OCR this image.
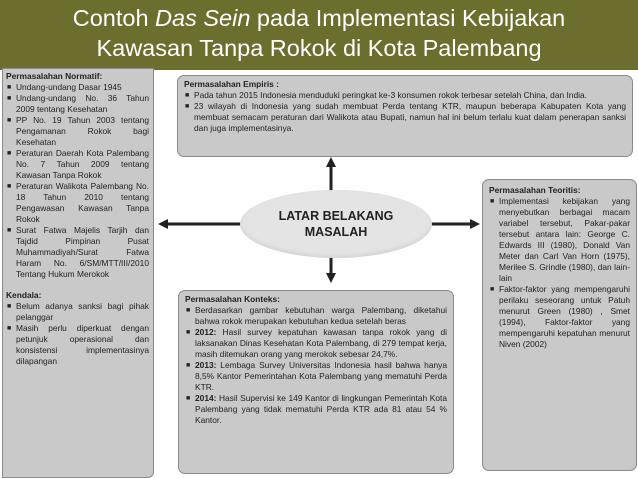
Contoh Das Sein pada Implementasi Kebijakan
Kawasan Tanpa Rokok di Kota Palembang
LATAR BELAKANG
MASALAH
Permasalahan Normatif:
■ Undang-undang Dasar 1945
■ Undang-undang No. 36 Tahun 2009 tentang Kesehatan
■ PP No. 19 Tahun 2003 tentang Pengamanan Rokok bagi Kesehatan
■ Peraturan Daerah Kota Palembang No. 7 Tahun 2009 tentang Kawasan Tanpa Rokok
■ Peraturan Walikota Palembang No. 18 Tahun 2010 tentang Pengawasan Kawasan Tanpa Rokok
■ Surat Fatwa Majelis Tarjih dan Tajdid Pimpinan Pusat Muhammadiyah/Surat Fatwa Haram No. 6/SM/MTT/III/2010 Tentang Hukum Merokok
Kendala:
■ Belum adanya sanksi bagi pihak pelanggar
■ Masih perlu diperkuat dengan petunjuk operasional dan konsistensi implementasinya dilapangan
Permasalahan Empiris :
■ Pada tahun 2015 Indonesia menduduki peringkat ke-3 konsumen rokok terbesar setelah China, dan India.
■ 23 wilayah di Indonesia yang sudah membuat Perda tentang KTR, maupun beberapa Kabupaten Kota yang membuat semacam peraturan dari Walikota atau Bupati, namun hal ini belum terlalu kuat dalam penerapan sanksi dan juga implementasinya.
Permasalahan Teoritis:
■ Implementasi kebijakan yang menyebutkan berbagai macam variabel tersebut, Pakar-pakar tersebut antara lain: George C. Edwards III (1980), Donald Van Meter dan Carl Van Horn (1975), Merilee S. Grindle (1980), dan lain-lain
■ Faktor-faktor yang mempengaruhi perilaku seseorang untuk Patuh menurut Green (1980) , Smet (1994), Faktor-faktor yang mempengaruhi kepatuhan menurut Niven (2002)
Permasalahan Konteks:
■ Berdasarkan gambar kebutuhan warga Palembang, diketahui bahwa rokok merupakan kebutuhan kedua setelah beras
■ 2012: Hasil survey kepatuhan kawasan tanpa rokok yang di laksanakan Dinas Kesehatan Kota Palembang, di 279 tempat kerja, masih ditemukan orang yang merokok sebesar 24,7%.
■ 2013: Lembaga Survey Universitas Indonesia hasil bahwa hanya 8,5% Kantor Pemerintahan Kota Palembang yang mematuhi Perda KTR.
■ 2014: Hasil Supervisi ke 149 Kantor di lingkungan Pemerintah Kota Palembang yang tidak mematuhi Perda KTR ada 81 atau 54 % Kantor.
